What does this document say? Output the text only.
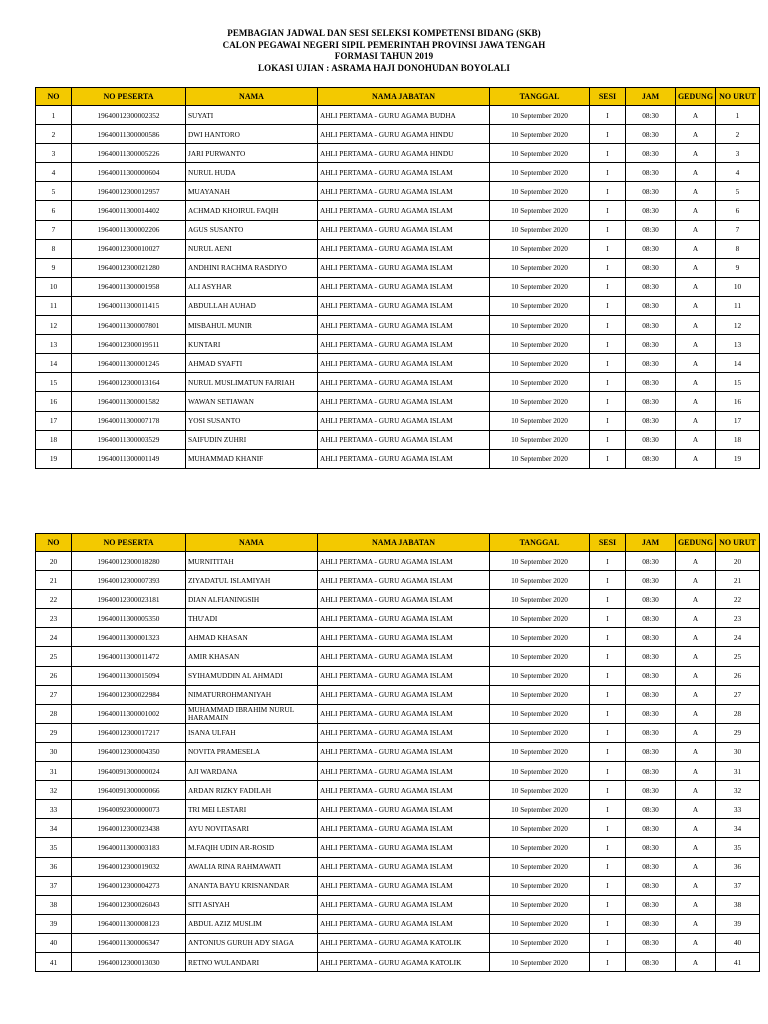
PEMBAGIAN JADWAL DAN SESI SELEKSI KOMPETENSI BIDANG (SKB)
CALON PEGAWAI NEGERI SIPIL PEMERINTAH PROVINSI JAWA TENGAH
FORMASI TAHUN 2019
LOKASI UJIAN : ASRAMA HAJI DONOHUDAN BOYOLALI
NO	NO PESERTA	NAMA	NAMA JABATAN	TANGGAL	SESI	JAM	GEDUNG	NO URUT
1	19640012300002352	SUYATI	AHLI PERTAMA - GURU AGAMA BUDHA	10 September 2020	I	08:30	A	1
2	19640011300000586	DWI HANTORO	AHLI PERTAMA - GURU AGAMA HINDU	10 September 2020	I	08:30	A	2
3	19640011300005226	JARI PURWANTO	AHLI PERTAMA - GURU AGAMA HINDU	10 September 2020	I	08:30	A	3
4	19640011300000604	NURUL HUDA	AHLI PERTAMA - GURU AGAMA ISLAM	10 September 2020	I	08:30	A	4
5	19640012300012957	MUAYANAH	AHLI PERTAMA - GURU AGAMA ISLAM	10 September 2020	I	08:30	A	5
6	19640011300014402	ACHMAD KHOIRUL FAQIH	AHLI PERTAMA - GURU AGAMA ISLAM	10 September 2020	I	08:30	A	6
7	19640011300002206	AGUS SUSANTO	AHLI PERTAMA - GURU AGAMA ISLAM	10 September 2020	I	08:30	A	7
8	19640012300010027	NURUL AENI	AHLI PERTAMA - GURU AGAMA ISLAM	10 September 2020	I	08:30	A	8
9	19640012300021280	ANDHINI RACHMA RASDIYO	AHLI PERTAMA - GURU AGAMA ISLAM	10 September 2020	I	08:30	A	9
10	19640011300001958	ALI ASYHAR	AHLI PERTAMA - GURU AGAMA ISLAM	10 September 2020	I	08:30	A	10
11	19640011300011415	ABDULLAH AUHAD	AHLI PERTAMA - GURU AGAMA ISLAM	10 September 2020	I	08:30	A	11
12	19640011300007801	MISBAHUL MUNIR	AHLI PERTAMA - GURU AGAMA ISLAM	10 September 2020	I	08:30	A	12
13	19640012300019511	KUNTARI	AHLI PERTAMA - GURU AGAMA ISLAM	10 September 2020	I	08:30	A	13
14	19640011300001245	AHMAD SYAFTI	AHLI PERTAMA - GURU AGAMA ISLAM	10 September 2020	I	08:30	A	14
15	19640012300013164	NURUL MUSLIMATUN FAJRIAH	AHLI PERTAMA - GURU AGAMA ISLAM	10 September 2020	I	08:30	A	15
16	19640011300001582	WAWAN SETIAWAN	AHLI PERTAMA - GURU AGAMA ISLAM	10 September 2020	I	08:30	A	16
17	19640011300007178	YOSI SUSANTO	AHLI PERTAMA - GURU AGAMA ISLAM	10 September 2020	I	08:30	A	17
18	19640011300003529	SAIFUDIN ZUHRI	AHLI PERTAMA - GURU AGAMA ISLAM	10 September 2020	I	08:30	A	18
19	19640011300001149	MUHAMMAD KHANIF	AHLI PERTAMA - GURU AGAMA ISLAM	10 September 2020	I	08:30	A	19
NO	NO PESERTA	NAMA	NAMA JABATAN	TANGGAL	SESI	JAM	GEDUNG	NO URUT
20	19640012300018280	MURNITITAH	AHLI PERTAMA - GURU AGAMA ISLAM	10 September 2020	I	08:30	A	20
21	19640012300007393	ZIYADATUL ISLAMIYAH	AHLI PERTAMA - GURU AGAMA ISLAM	10 September 2020	I	08:30	A	21
22	19640012300023181	DIAN ALFIANINGSIH	AHLI PERTAMA - GURU AGAMA ISLAM	10 September 2020	I	08:30	A	22
23	19640011300005350	THU'ADI	AHLI PERTAMA - GURU AGAMA ISLAM	10 September 2020	I	08:30	A	23
24	19640011300001323	AHMAD KHASAN	AHLI PERTAMA - GURU AGAMA ISLAM	10 September 2020	I	08:30	A	24
25	19640011300011472	AMIR KHASAN	AHLI PERTAMA - GURU AGAMA ISLAM	10 September 2020	I	08:30	A	25
26	19640011300015094	SYIHAMUDDIN AL AHMADI	AHLI PERTAMA - GURU AGAMA ISLAM	10 September 2020	I	08:30	A	26
27	19640012300022984	NIMATURROHMANIYAH	AHLI PERTAMA - GURU AGAMA ISLAM	10 September 2020	I	08:30	A	27
28	19640011300001002	MUHAMMAD IBRAHIM NURUL HARAMAIN	AHLI PERTAMA - GURU AGAMA ISLAM	10 September 2020	I	08:30	A	28
29	19640012300017217	ISANA ULFAH	AHLI PERTAMA - GURU AGAMA ISLAM	10 September 2020	I	08:30	A	29
30	19640012300004350	NOVITA PRAMESELA	AHLI PERTAMA - GURU AGAMA ISLAM	10 September 2020	I	08:30	A	30
31	19640091300000024	AJI WARDANA	AHLI PERTAMA - GURU AGAMA ISLAM	10 September 2020	I	08:30	A	31
32	19640091300000066	ARDAN RIZKY FADILAH	AHLI PERTAMA - GURU AGAMA ISLAM	10 September 2020	I	08:30	A	32
33	19640092300000073	TRI MEI LESTARI	AHLI PERTAMA - GURU AGAMA ISLAM	10 September 2020	I	08:30	A	33
34	19640012300023438	AYU NOVITASARI	AHLI PERTAMA - GURU AGAMA ISLAM	10 September 2020	I	08:30	A	34
35	19640011300003183	M.FAQIH UDIN AR-ROSID	AHLI PERTAMA - GURU AGAMA ISLAM	10 September 2020	I	08:30	A	35
36	19640012300019032	AWALIA RINA RAHMAWATI	AHLI PERTAMA - GURU AGAMA ISLAM	10 September 2020	I	08:30	A	36
37	19640012300004273	ANANTA BAYU KRISNANDAR	AHLI PERTAMA - GURU AGAMA ISLAM	10 September 2020	I	08:30	A	37
38	19640012300026043	SITI ASIYAH	AHLI PERTAMA - GURU AGAMA ISLAM	10 September 2020	I	08:30	A	38
39	19640011300008123	ABDUL AZIZ MUSLIM	AHLI PERTAMA - GURU AGAMA ISLAM	10 September 2020	I	08:30	A	39
40	19640011300006347	ANTONIUS GURUH ADY SIAGA	AHLI PERTAMA - GURU AGAMA KATOLIK	10 September 2020	I	08:30	A	40
41	19640012300013030	RETNO WULANDARI	AHLI PERTAMA - GURU AGAMA KATOLIK	10 September 2020	I	08:30	A	41
